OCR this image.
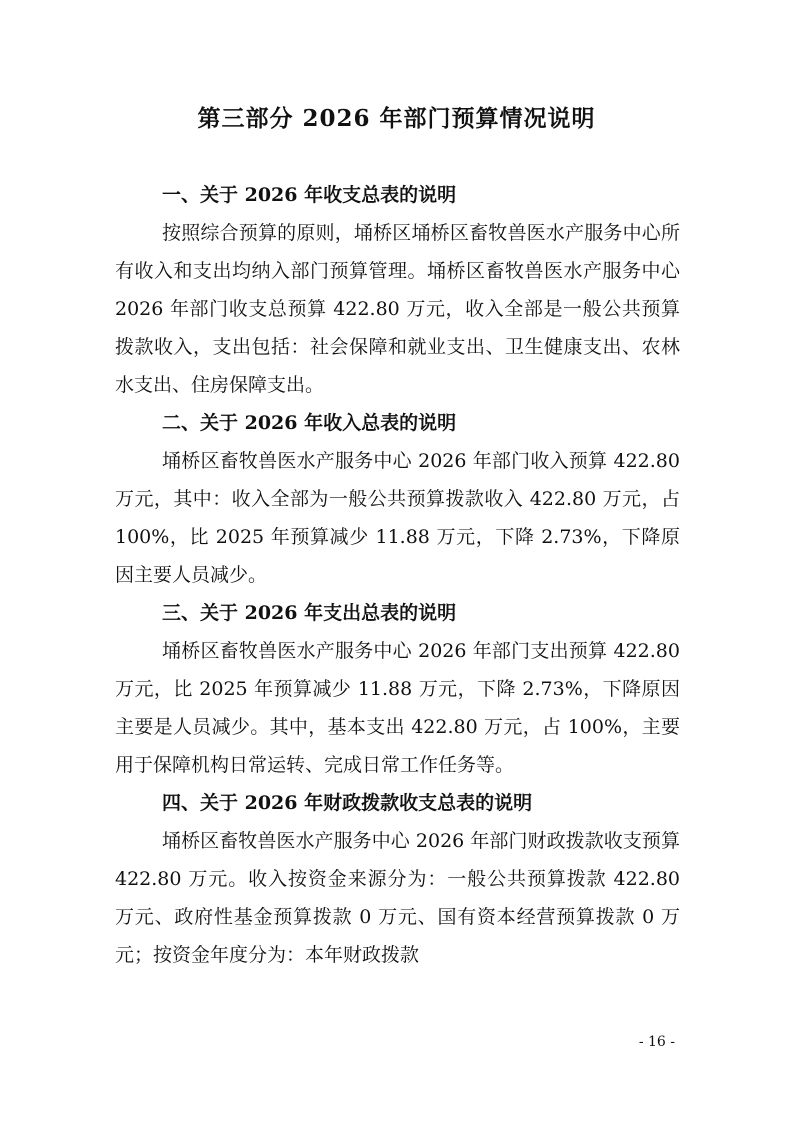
第三部分 2026 年部门预算情况说明
一、关于 2026 年收支总表的说明

按照综合预算的原则，埇桥区埇桥区畜牧兽医水产服务中心所有收入和支出均纳入部门预算管理。埇桥区畜牧兽医水产服务中心 2026 年部门收支总预算 422.80 万元，收入全部是一般公共预算拨款收入，支出包括：社会保障和就业支出、卫生健康支出、农林水支出、住房保障支出。

二、关于 2026 年收入总表的说明

埇桥区畜牧兽医水产服务中心 2026 年部门收入预算 422.80 万元，其中：收入全部为一般公共预算拨款收入 422.80 万元，占 100%，比 2025 年预算减少 11.88 万元，下降 2.73%，下降原因主要人员减少。

三、关于 2026 年支出总表的说明

埇桥区畜牧兽医水产服务中心 2026 年部门支出预算 422.80 万元，比 2025 年预算减少 11.88 万元，下降 2.73%，下降原因主要是人员减少。其中，基本支出 422.80 万元，占 100%，主要用于保障机构日常运转、完成日常工作任务等。

四、关于 2026 年财政拨款收支总表的说明

埇桥区畜牧兽医水产服务中心 2026 年部门财政拨款收支预算 422.80 万元。收入按资金来源分为：一般公共预算拨款 422.80 万元、政府性基金预算拨款 0 万元、国有资本经营预算拨款 0 万元；按资金年度分为：本年财政拨款

- 16 -
